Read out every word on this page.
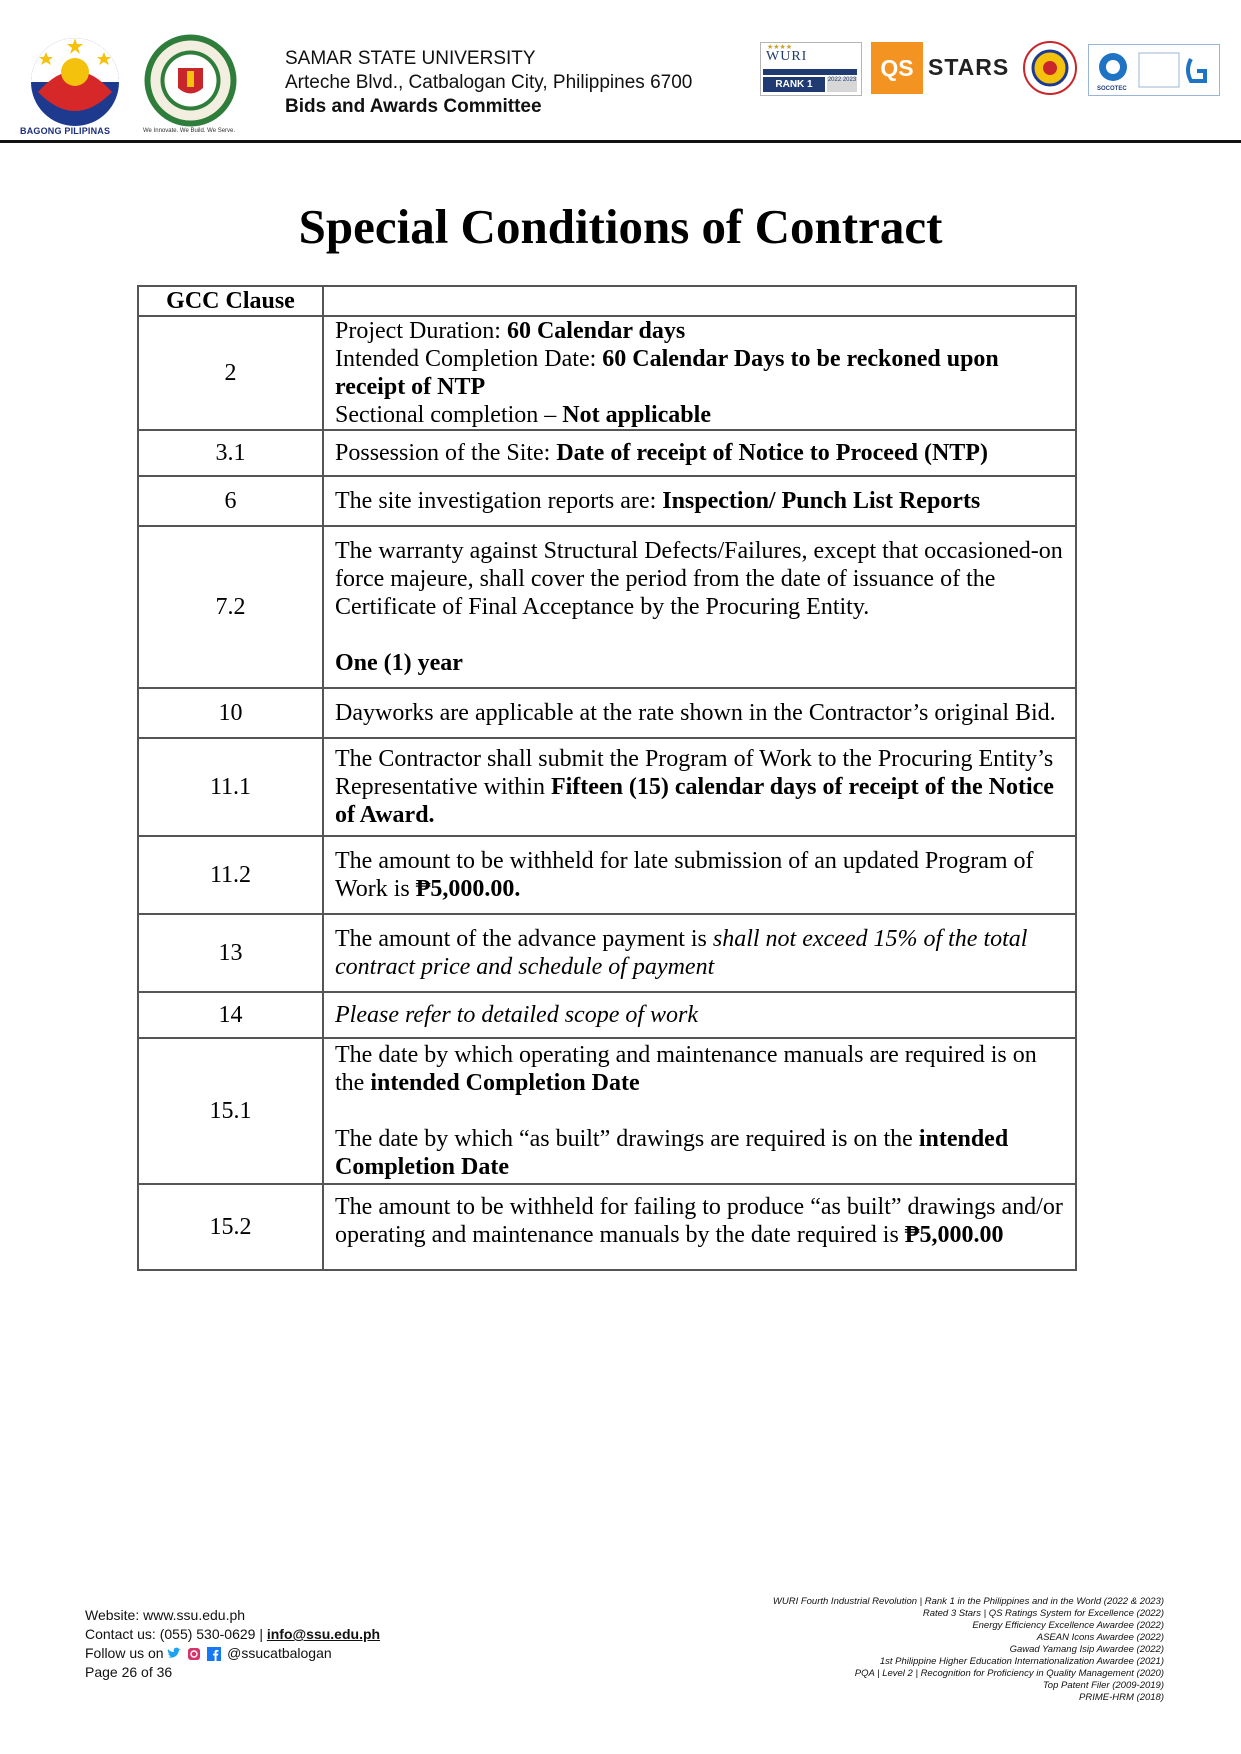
BAGONG PILIPINAS	We Innovate. We Build. We Serve.
SAMAR STATE UNIVERSITY
Arteche Blvd., Catbalogan City, Philippines 6700
Bids and Awards Committee
★★★★
WURI
RANK 1	2022 2023	QS STARS
SOCOTEC
Special Conditions of Contract
GCC Clause	
2	Project Duration: 60 Calendar days
Intended Completion Date: 60 Calendar Days to be reckoned upon receipt of NTP
Sectional completion – Not applicable

3.1	Possession of the Site: Date of receipt of Notice to Proceed (NTP)

6	The site investigation reports are: Inspection/ Punch List Reports

7.2	The warranty against Structural Defects/Failures, except that occasioned-on force majeure, shall cover the period from the date of issuance of the Certificate of Final Acceptance by the Procuring Entity.
One (1) year

10	Dayworks are applicable at the rate shown in the Contractor’s original Bid.

11.1	The Contractor shall submit the Program of Work to the Procuring Entity’s Representative within Fifteen (15) calendar days of receipt of the Notice of Award.

11.2	The amount to be withheld for late submission of an updated Program of Work is ₱5,000.00.

13	The amount of the advance payment is shall not exceed 15% of the total contract price and schedule of payment

14	Please refer to detailed scope of work

15.1	The date by which operating and maintenance manuals are required is on the intended Completion Date
The date by which “as built” drawings are required is on the intended Completion Date

15.2	The amount to be withheld for failing to produce “as built” drawings and/or operating and maintenance manuals by the date required is ₱5,000.00
Website: www.ssu.edu.ph
Contact us: (055) 530-0629 | info@ssu.edu.ph
Follow us on	@ssucatbalogan
Page 26 of 36
WURI Fourth Industrial Revolution | Rank 1 in the Philippines and in the World (2022 & 2023)
Rated 3 Stars | QS Ratings System for Excellence (2022)
Energy Efficiency Excellence Awardee (2022)
ASEAN Icons Awardee (2022)
Gawad Yamang Isip Awardee (2022)
1st Philippine Higher Education Internationalization Awardee (2021)
PQA | Level 2 | Recognition for Proficiency in Quality Management (2020)
Top Patent Filer (2009-2019)
PRIME-HRM (2018)
